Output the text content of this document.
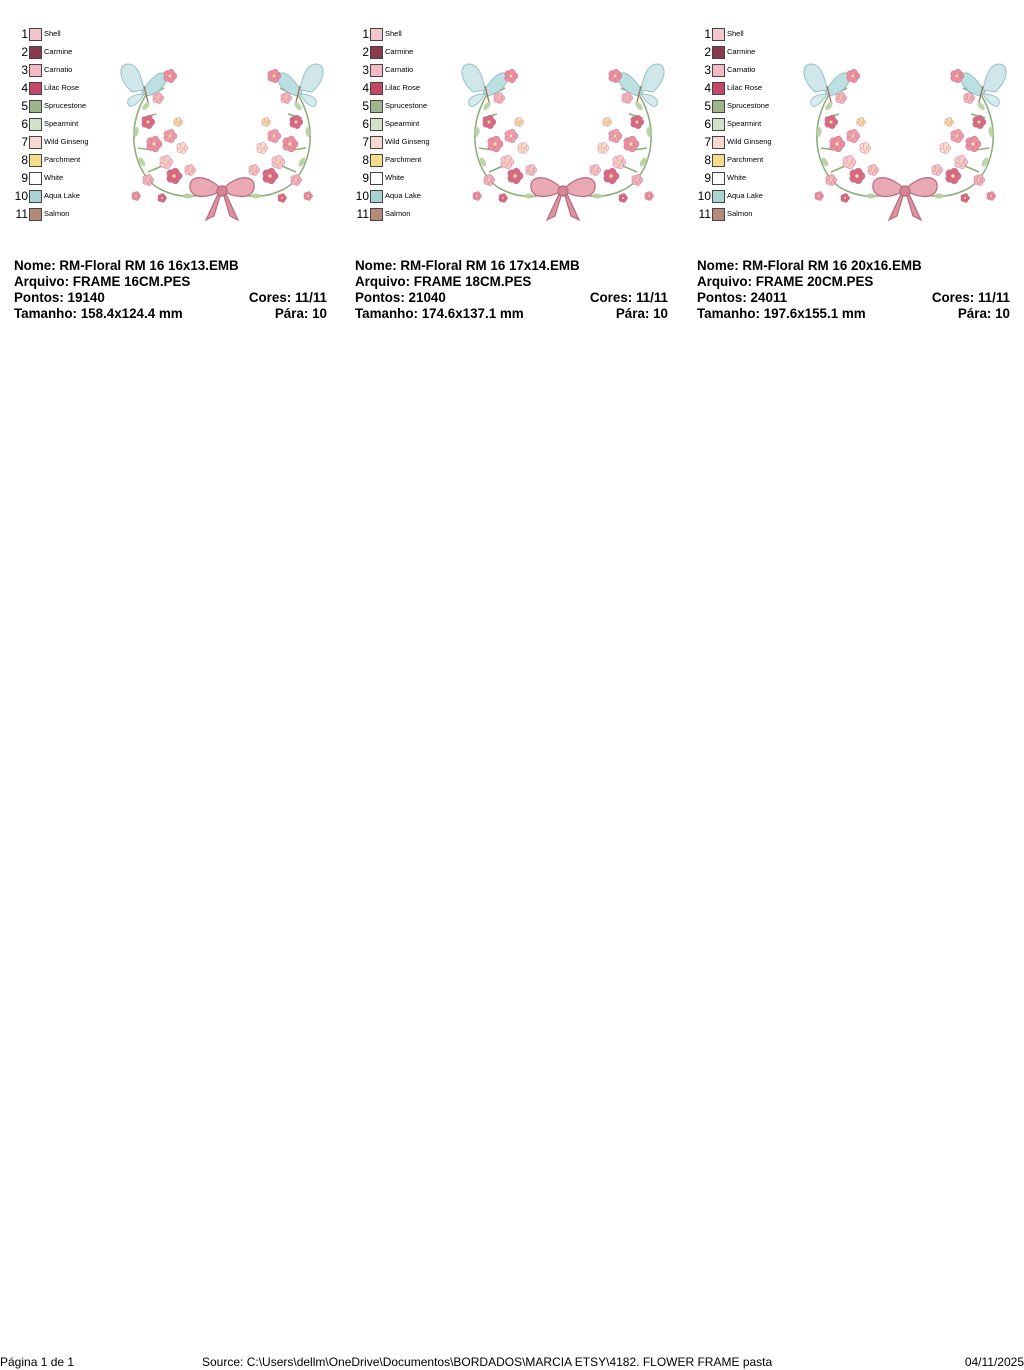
1 Shell
2 Carmine
3 Carnatio
4 Lilac Rose
5 Sprucestone
6 Spearmint
7 Wild Ginseng
8 Parchment
9 White
10 Aqua Lake
11 Salmon
Nome: RM-Floral RM 16 16x13.EMB
Arquivo: FRAME 16CM.PES
Pontos: 19140	Cores: 11/11
Tamanho: 158.4x124.4 mm	Pára: 10
1 Shell
2 Carmine
3 Carnatio
4 Lilac Rose
5 Sprucestone
6 Spearmint
7 Wild Ginseng
8 Parchment
9 White
10 Aqua Lake
11 Salmon
Nome: RM-Floral RM 16 17x14.EMB
Arquivo: FRAME 18CM.PES
Pontos: 21040	Cores: 11/11
Tamanho: 174.6x137.1 mm	Pára: 10
1 Shell
2 Carmine
3 Carnatio
4 Lilac Rose
5 Sprucestone
6 Spearmint
7 Wild Ginseng
8 Parchment
9 White
10 Aqua Lake
11 Salmon
Nome: RM-Floral RM 16 20x16.EMB
Arquivo: FRAME 20CM.PES
Pontos: 24011	Cores: 11/11
Tamanho: 197.6x155.1 mm	Pára: 10
Página 1 de 1	Source: C:\Users\dellm\OneDrive\Documentos\BORDADOS\MARCIA ETSY\4182. FLOWER FRAME pasta	04/11/2025
